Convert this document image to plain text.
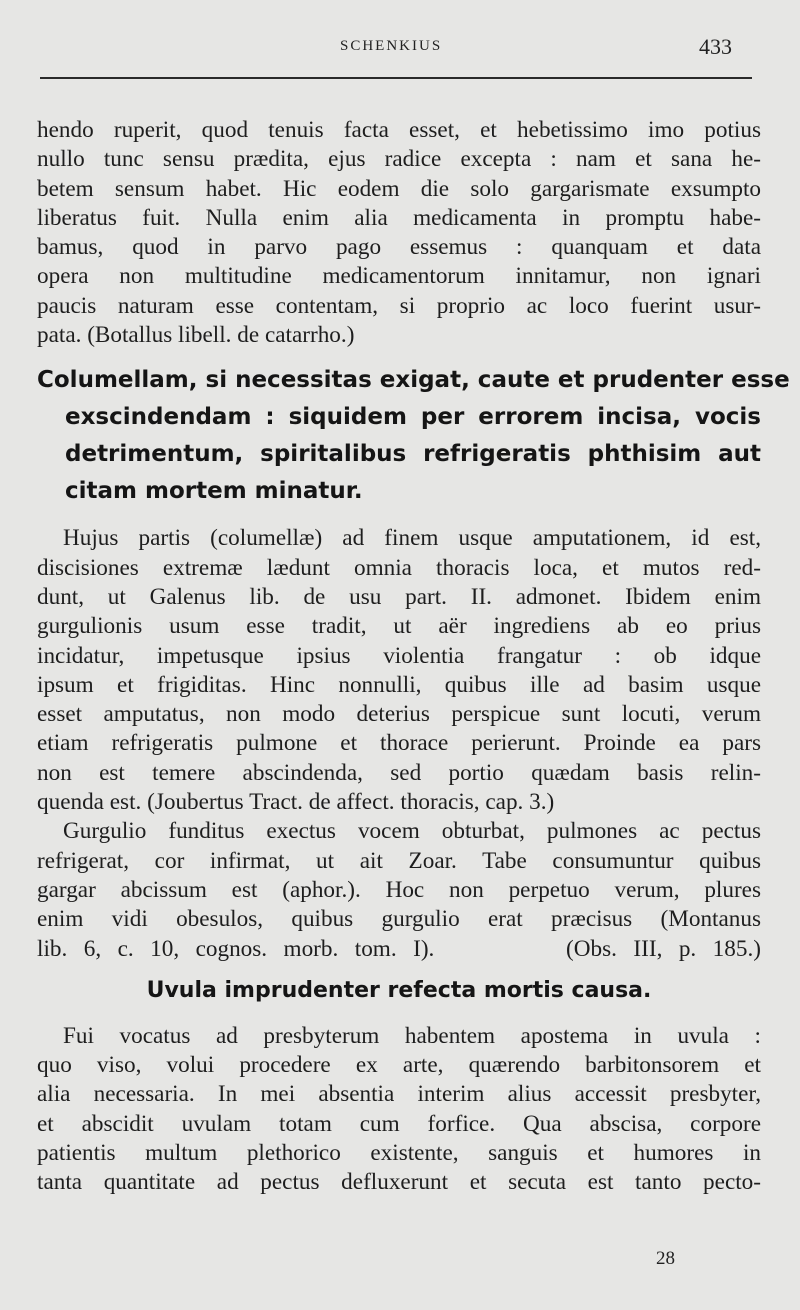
SCHENKIUS	433
hendo ruperit, quod tenuis facta esset, et hebetissimo imo potius
nullo tunc sensu prædita, ejus radice excepta : nam et sana he-
betem sensum habet. Hic eodem die solo gargarismate exsumpto
liberatus fuit. Nulla enim alia medicamenta in promptu habe-
bamus, quod in parvo pago essemus : quanquam et data
opera non multitudine medicamentorum innitamur, non ignari
paucis naturam esse contentam, si proprio ac loco fuerint usur-
pata. (Botallus libell. de catarrho.)
Columellam, si necessitas exigat, caute et prudenter esse
exscindendam : siquidem per errorem incisa, vocis
detrimentum, spiritalibus refrigeratis phthisim aut
citam mortem minatur.
Hujus partis (columellæ) ad finem usque amputationem, id est,
discisiones extremæ lædunt omnia thoracis loca, et mutos red-
dunt, ut Galenus lib. de usu part. II. admonet. Ibidem enim
gurgulionis usum esse tradit, ut aër ingrediens ab eo prius
incidatur, impetusque ipsius violentia frangatur : ob idque
ipsum et frigiditas. Hinc nonnulli, quibus ille ad basim usque
esset amputatus, non modo deterius perspicue sunt locuti, verum
etiam refrigeratis pulmone et thorace perierunt. Proinde ea pars
non est temere abscindenda, sed portio quædam basis relin-
quenda est. (Joubertus Tract. de affect. thoracis, cap. 3.)
Gurgulio funditus exectus vocem obturbat, pulmones ac pectus
refrigerat, cor infirmat, ut ait Zoar. Tabe consumuntur quibus
gargar abcissum est (aphor.). Hoc non perpetuo verum, plures
enim vidi obesulos, quibus gurgulio erat præcisus (Montanus
lib. 6, c. 10, cognos. morb. tom. I).        (Obs. III, p. 185.)
Uvula imprudenter refecta mortis causa.
Fui vocatus ad presbyterum habentem apostema in uvula :
quo viso, volui procedere ex arte, quærendo barbitonsorem et
alia necessaria. In mei absentia interim alius accessit presbyter,
et abscidit uvulam totam cum forfice. Qua abscisa, corpore
patientis multum plethorico existente, sanguis et humores in
tanta quantitate ad pectus defluxerunt et secuta est tanto pecto-
28
